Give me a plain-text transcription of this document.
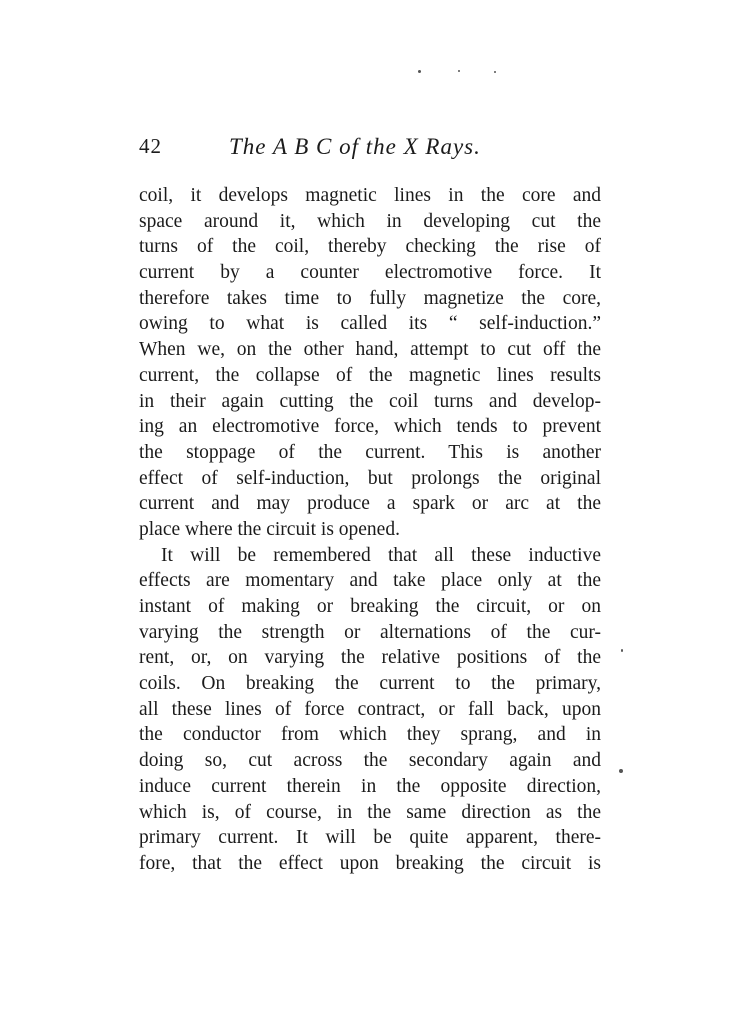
42	The A B C of the X Rays.
coil, it develops magnetic lines in the core and
space around it, which in developing cut the
turns of the coil, thereby checking the rise of
current by a counter electromotive force. It
therefore takes time to fully magnetize the core,
owing to what is called its “ self-induction.”
When we, on the other hand, attempt to cut off the
current, the collapse of the magnetic lines results
in their again cutting the coil turns and develop-
ing an electromotive force, which tends to prevent
the stoppage of the current. This is another
effect of self-induction, but prolongs the original
current and may produce a spark or arc at the
place where the circuit is opened.
It will be remembered that all these inductive
effects are momentary and take place only at the
instant of making or breaking the circuit, or on
varying the strength or alternations of the cur-
rent, or, on varying the relative positions of the
coils. On breaking the current to the primary,
all these lines of force contract, or fall back, upon
the conductor from which they sprang, and in
doing so, cut across the secondary again and
induce current therein in the opposite direction,
which is, of course, in the same direction as the
primary current. It will be quite apparent, there-
fore, that the effect upon breaking the circuit is
